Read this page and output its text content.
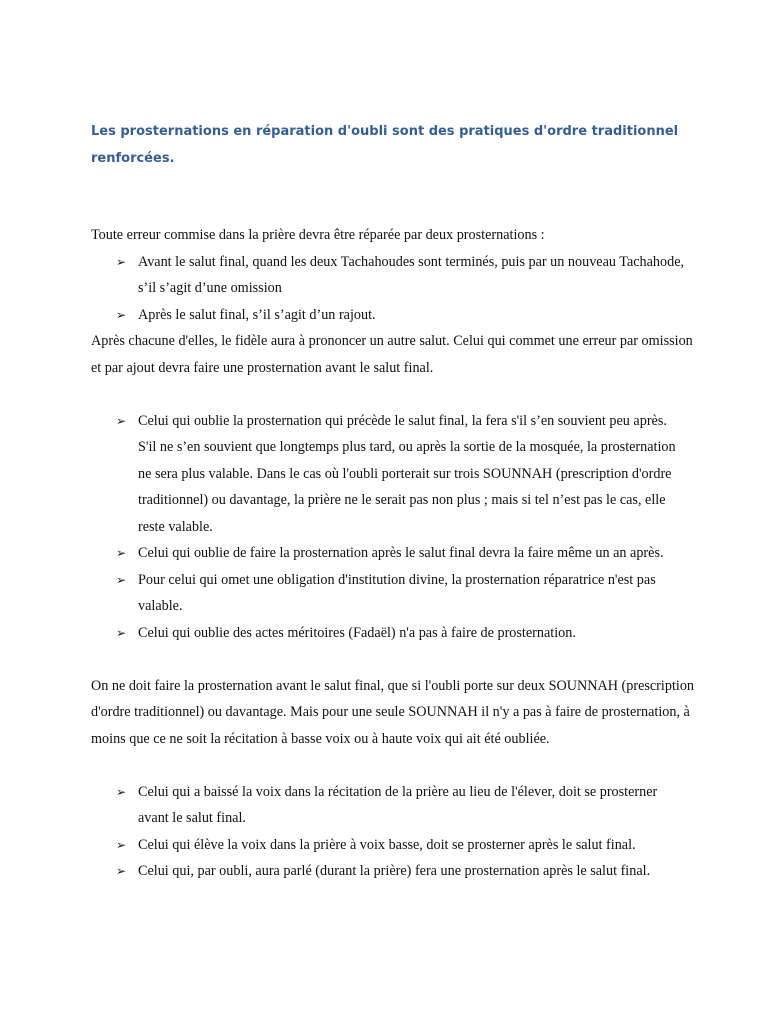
Les prosternations en réparation d'oubli sont des pratiques d'ordre traditionnel renforcées.

Toute erreur commise dans la prière devra être réparée par deux prosternations :

➢ Avant le salut final, quand les deux Tachahoudes sont terminés, puis par un nouveau Tachahode, s’il s’agit d’une omission
➢ Après le salut final, s’il s’agit d’un rajout.

Après chacune d'elles, le fidèle aura à prononcer un autre salut. Celui qui commet une erreur par omission et par ajout devra faire une prosternation avant le salut final.

➢ Celui qui oublie la prosternation qui précède le salut final, la fera s'il s’en souvient peu après. S'il ne s’en souvient que longtemps plus tard, ou après la sortie de la mosquée, la prosternation ne sera plus valable. Dans le cas où l'oubli porterait sur trois SOUNNAH (prescription d'ordre traditionnel) ou davantage, la prière ne le serait pas non plus ; mais si tel n’est pas le cas, elle reste valable.
➢ Celui qui oublie de faire la prosternation après le salut final devra la faire même un an après.
➢ Pour celui qui omet une obligation d'institution divine, la prosternation réparatrice n'est pas valable.
➢ Celui qui oublie des actes méritoires (Fadaël) n'a pas à faire de prosternation.

On ne doit faire la prosternation avant le salut final, que si l'oubli porte sur deux SOUNNAH (prescription d'ordre traditionnel) ou davantage. Mais pour une seule SOUNNAH il n'y a pas à faire de prosternation, à moins que ce ne soit la récitation à basse voix ou à haute voix qui ait été oubliée.

➢ Celui qui a baissé la voix dans la récitation de la prière au lieu de l'élever, doit se prosterner avant le salut final.
➢ Celui qui élève la voix dans la prière à voix basse, doit se prosterner après le salut final.
➢ Celui qui, par oubli, aura parlé (durant la prière) fera une prosternation après le salut final.
